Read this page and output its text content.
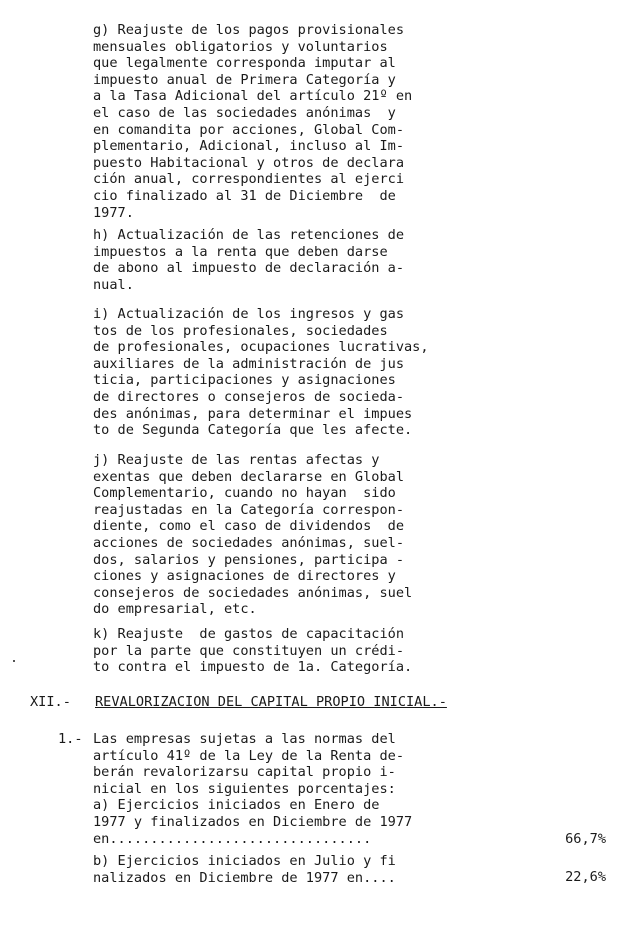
g) Reajuste de los pagos provisionales
mensuales obligatorios y voluntarios
que legalmente corresponda imputar al
impuesto anual de Primera Categoría y
a la Tasa Adicional del artículo 21º en
el caso de las sociedades anónimas  y
en comandita por acciones, Global Com-
plementario, Adicional, incluso al Im-
puesto Habitacional y otros de declara
ción anual, correspondientes al ejerci
cio finalizado al 31 de Diciembre  de
1977.
h) Actualización de las retenciones de
impuestos a la renta que deben darse
de abono al impuesto de declaración a-
nual.
i) Actualización de los ingresos y gas
tos de los profesionales, sociedades
de profesionales, ocupaciones lucrativas,
auxiliares de la administración de jus
ticia, participaciones y asignaciones
de directores o consejeros de socieda-
des anónimas, para determinar el impues
to de Segunda Categoría que les afecte.
j) Reajuste de las rentas afectas y
exentas que deben declararse en Global
Complementario, cuando no hayan  sido
reajustadas en la Categoría correspon-
diente, como el caso de dividendos  de
acciones de sociedades anónimas, suel-
dos, salarios y pensiones, participa -
ciones y asignaciones de directores y
consejeros de sociedades anónimas, suel
do empresarial, etc.
k) Reajuste  de gastos de capacitación
por la parte que constituyen un crédi-
to contra el impuesto de 1a. Categoría.
XII.- REVALORIZACION DEL CAPITAL PROPIO INICIAL.-
1.- Las empresas sujetas a las normas del
artículo 41º de la Ley de la Renta de-
berán revalorizarsu capital propio i-
nicial en los siguientes porcentajes:
a) Ejercicios iniciados en Enero de
1977 y finalizados en Diciembre de 1977
en................................	66,7%
b) Ejercicios iniciados en Julio y fi
nalizados en Diciembre de 1977 en....	22,6%
